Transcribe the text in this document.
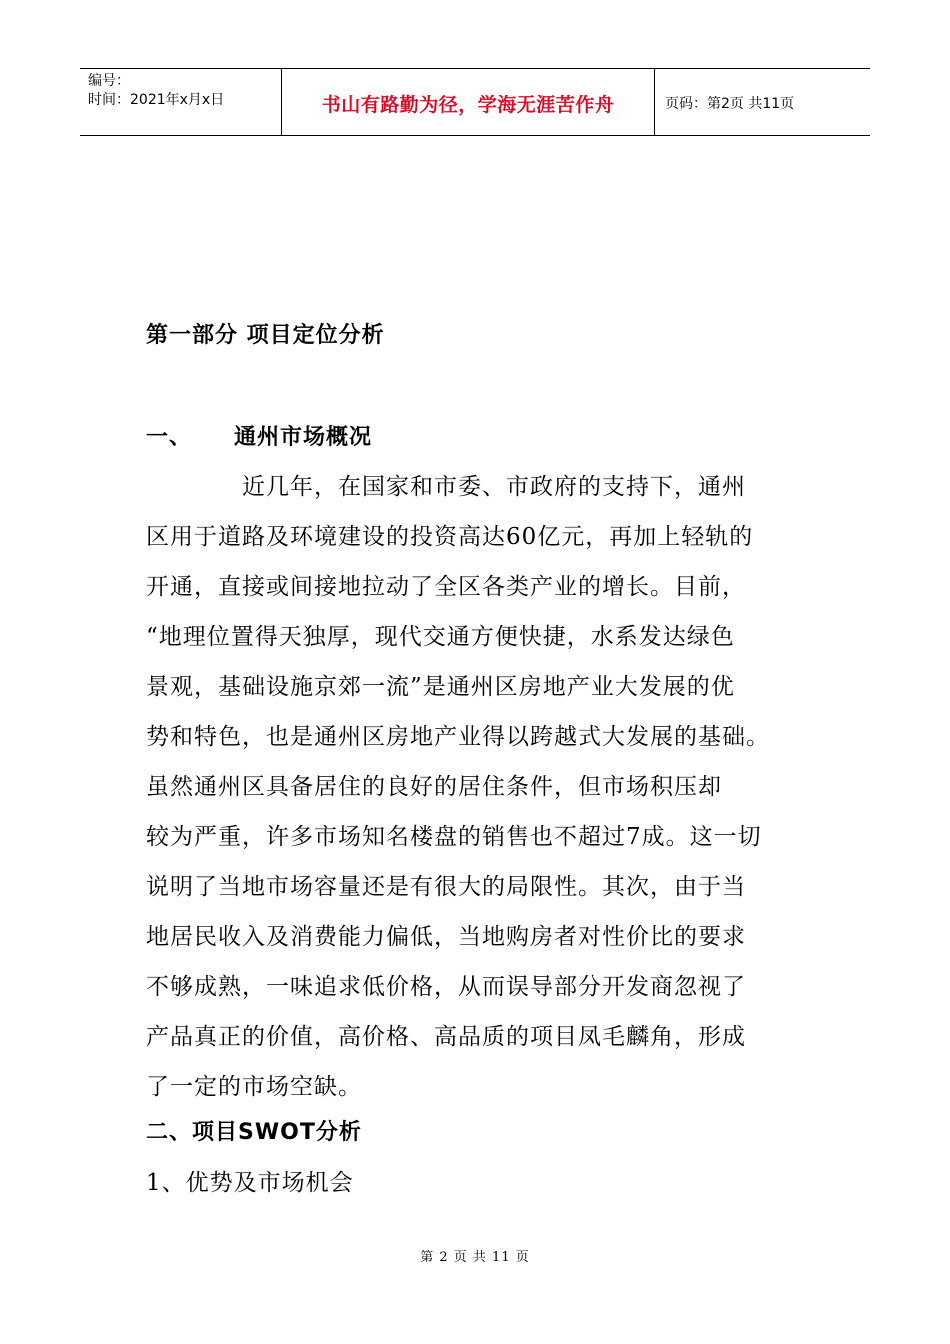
编号：
时间：2021年x月x日	书山有路勤为径，学海无涯苦作舟	页码：第2页 共11页
第一部分 项目定位分析
一、 通州市场概况
　　　　近几年，在国家和市委、市政府的支持下，通州
区用于道路及环境建设的投资高达60亿元，再加上轻轨的
开通，直接或间接地拉动了全区各类产业的增长。目前，
“地理位置得天独厚，现代交通方便快捷，水系发达绿色
景观，基础设施京郊一流”是通州区房地产业大发展的优
势和特色，也是通州区房地产业得以跨越式大发展的基础。
虽然通州区具备居住的良好的居住条件，但市场积压却
较为严重，许多市场知名楼盘的销售也不超过7成。这一切
说明了当地市场容量还是有很大的局限性。其次，由于当
地居民收入及消费能力偏低，当地购房者对性价比的要求
不够成熟，一味追求低价格，从而误导部分开发商忽视了
产品真正的价值，高价格、高品质的项目凤毛麟角，形成
了一定的市场空缺。
二、项目SWOT分析
1、优势及市场机会
第 2 页 共 11 页
